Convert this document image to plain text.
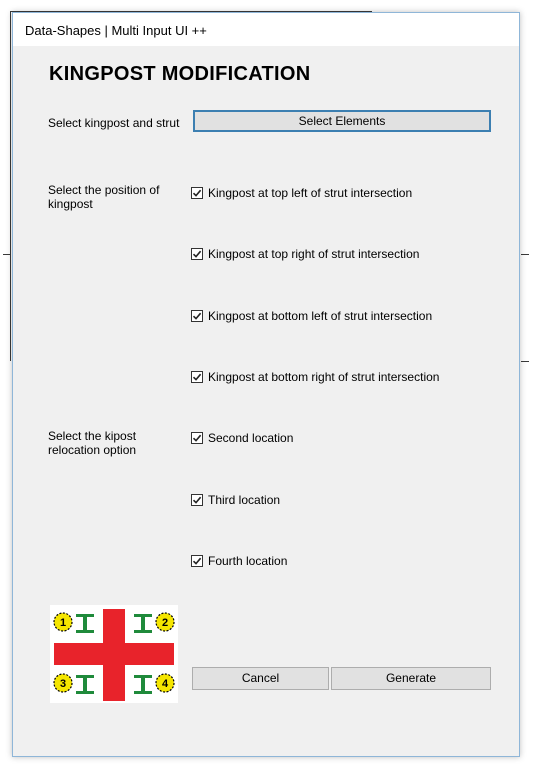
Data-Shapes | Multi Input UI ++
KINGPOST MODIFICATION
Select kingpost and strut	Select Elements
Select the position of kingpost
Kingpost at top left of strut intersection
Kingpost at top right of strut intersection
Kingpost at bottom left of strut intersection
Kingpost at bottom right of strut intersection
Select the kipost relocation option
Second location
Third location
Fourth location
1	2
3	4	Cancel	Generate
